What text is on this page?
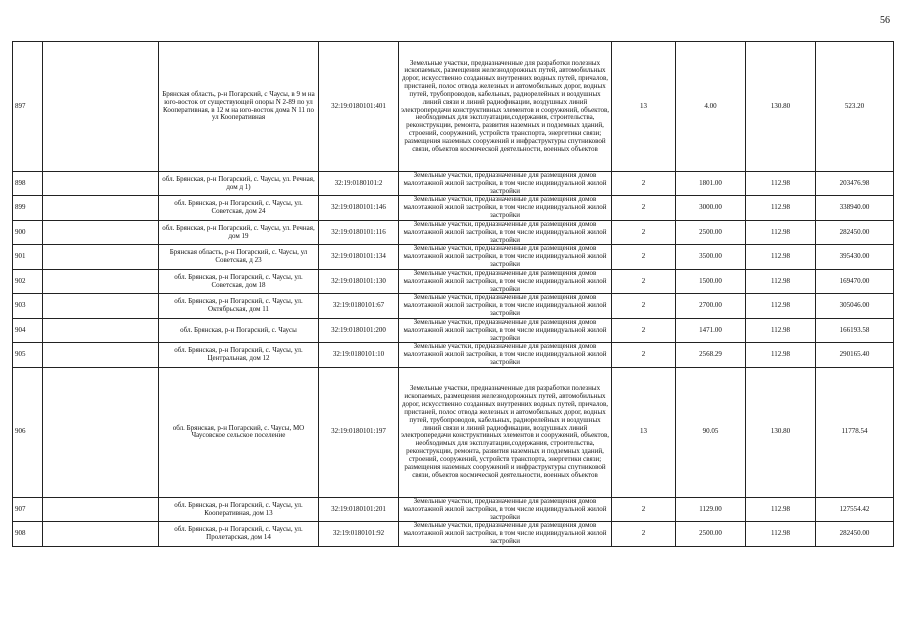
56
897		Брянская область, р-н Погарский, с Чаусы, в 9 м на юго-восток от существующей опоры N 2-89 по ул Кооперативная, в 12 м на юго-восток дома N 11 по ул Кооперативная	32:19:0180101:401	Земельные участки, предназначенные для разработки полезных ископаемых, размещения железнодорожных путей, автомобильных дорог, искусственно созданных внутренних водных путей, причалов, пристаней, полос отвода железных и автомобильных дорог, водных путей, трубопроводов, кабельных, радиорелейных и воздушных линий связи и линий радиофикации, воздушных линий электропередачи конструктивных элементов и сооружений, объектов, необходимых для эксплуатации,содержания, строительства, реконструкции, ремонта, развития наземных и подземных зданий, строений, сооружений, устройств транспорта, энергетики связи; размещения наземных сооружений и инфраструктуры спутниковой связи, объектов космической деятельности, военных объектов	13	4.00	130.80	523.20
898		обл. Брянская, р-н Погарский, с. Чаусы, ул. Речная, дом д 1)	32:19:0180101:2	Земельные участки, предназначенные для размещения домов малоэтажной жилой застройки, в том числе индивидуальной жилой застройки	2	1801.00	112.98	203476.98
899		обл. Брянская, р-н Погарский, с. Чаусы, ул. Советская, дом 24	32:19:0180101:146	Земельные участки, предназначенные для размещения домов малоэтажной жилой застройки, в том числе индивидуальной жилой застройки	2	3000.00	112.98	338940.00
900		обл. Брянская, р-н Погарский, с. Чаусы, ул. Речная, дом 19	32:19:0180101:116	Земельные участки, предназначенные для размещения домов малоэтажной жилой застройки, в том числе индивидуальной жилой застройки	2	2500.00	112.98	282450.00
901		Брянская область, р-н Погарский, с. Чаусы, ул Советская, д 23	32:19:0180101:134	Земельные участки, предназначенные для размещения домов малоэтажной жилой застройки, в том числе индивидуальной жилой застройки	2	3500.00	112.98	395430.00
902		обл. Брянская, р-н Погарский, с. Чаусы, ул. Советская, дом 18	32:19:0180101:130	Земельные участки, предназначенные для размещения домов малоэтажной жилой застройки, в том числе индивидуальной жилой застройки	2	1500.00	112.98	169470.00
903		обл. Брянская, р-н Погарский, с. Чаусы, ул. Октябрьская, дом 11	32:19:0180101:67	Земельные участки, предназначенные для размещения домов малоэтажной жилой застройки, в том числе индивидуальной жилой застройки	2	2700.00	112.98	305046.00
904		обл. Брянская, р-н Погарский, с. Чаусы	32:19:0180101:200	Земельные участки, предназначенные для размещения домов малоэтажной жилой застройки, в том числе индивидуальной жилой застройки	2	1471.00	112.98	166193.58
905		обл. Брянская, р-н Погарский, с. Чаусы, ул. Центральная, дом 12	32:19:0180101:10	Земельные участки, предназначенные для размещения домов малоэтажной жилой застройки, в том числе индивидуальной жилой застройки	2	2568.29	112.98	290165.40
906		обл. Брянская, р-н Погарский, с. Чаусы, МО Чаусовское сельское поселение	32:19:0180101:197	Земельные участки, предназначенные для разработки полезных ископаемых, размещения железнодорожных путей, автомобильных дорог, искусственно созданных внутренних водных путей, причалов, пристаней, полос отвода железных и автомобильных дорог, водных путей, трубопроводов, кабельных, радиорелейных и воздушных линий связи и линий радиофикации, воздушных линий электропередачи конструктивных элементов и сооружений, объектов, необходимых для эксплуатации,содержания, строительства, реконструкции, ремонта, развития наземных и подземных зданий, строений, сооружений, устройств транспорта, энергетики связи; размещения наземных сооружений и инфраструктуры спутниковой связи, объектов космической деятельности, военных объектов	13	90.05	130.80	11778.54
907		обл. Брянская, р-н Погарский, с. Чаусы, ул. Кооперативная, дом 13	32:19:0180101:201	Земельные участки, предназначенные для размещения домов малоэтажной жилой застройки, в том числе индивидуальной жилой застройки	2	1129.00	112.98	127554.42
908		обл. Брянская, р-н Погарский, с. Чаусы, ул. Пролетарская, дом 14	32:19:0180101:92	Земельные участки, предназначенные для размещения домов малоэтажной жилой застройки, в том числе индивидуальной жилой застройки	2	2500.00	112.98	282450.00
